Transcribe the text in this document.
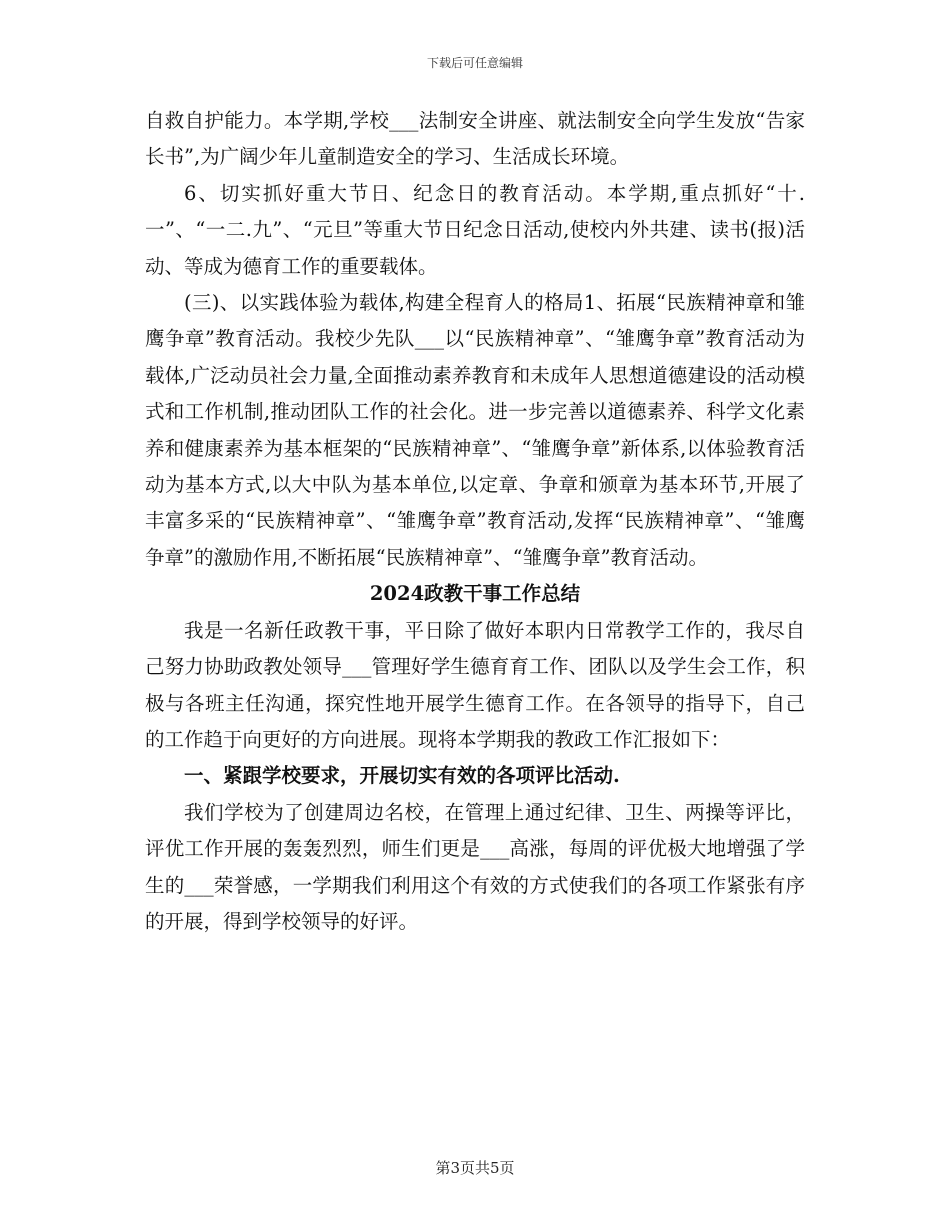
下载后可任意编辑

自救自护能力。本学期,学校___法制安全讲座、就法制安全向学生发放“告家长书”,为广阔少年儿童制造安全的学习、生活成长环境。

6、切实抓好重大节日、纪念日的教育活动。本学期,重点抓好“十.一”、“一二.九”、“元旦”等重大节日纪念日活动,使校内外共建、读书(报)活动、等成为德育工作的重要载体。

(三)、以实践体验为载体,构建全程育人的格局1、拓展“民族精神章和雏鹰争章”教育活动。我校少先队___以“民族精神章”、“雏鹰争章”教育活动为载体,广泛动员社会力量,全面推动素养教育和未成年人思想道德建设的活动模式和工作机制,推动团队工作的社会化。进一步完善以道德素养、科学文化素养和健康素养为基本框架的“民族精神章”、“雏鹰争章”新体系,以体验教育活动为基本方式,以大中队为基本单位,以定章、争章和颁章为基本环节,开展了丰富多采的“民族精神章”、“雏鹰争章”教育活动,发挥“民族精神章”、“雏鹰争章”的激励作用,不断拓展“民族精神章”、“雏鹰争章”教育活动。

2024政教干事工作总结

我是一名新任政教干事，平日除了做好本职内日常教学工作的，我尽自己努力协助政教处领导___管理好学生德育育工作、团队以及学生会工作，积极与各班主任沟通，探究性地开展学生德育工作。在各领导的指导下，自己的工作趋于向更好的方向进展。现将本学期我的教政工作汇报如下：

一、紧跟学校要求，开展切实有效的各项评比活动.

我们学校为了创建周边名校，在管理上通过纪律、卫生、两操等评比，评优工作开展的轰轰烈烈，师生们更是___高涨，每周的评优极大地增强了学生的___荣誉感，一学期我们利用这个有效的方式使我们的各项工作紧张有序的开展，得到学校领导的好评。

第3页共5页
